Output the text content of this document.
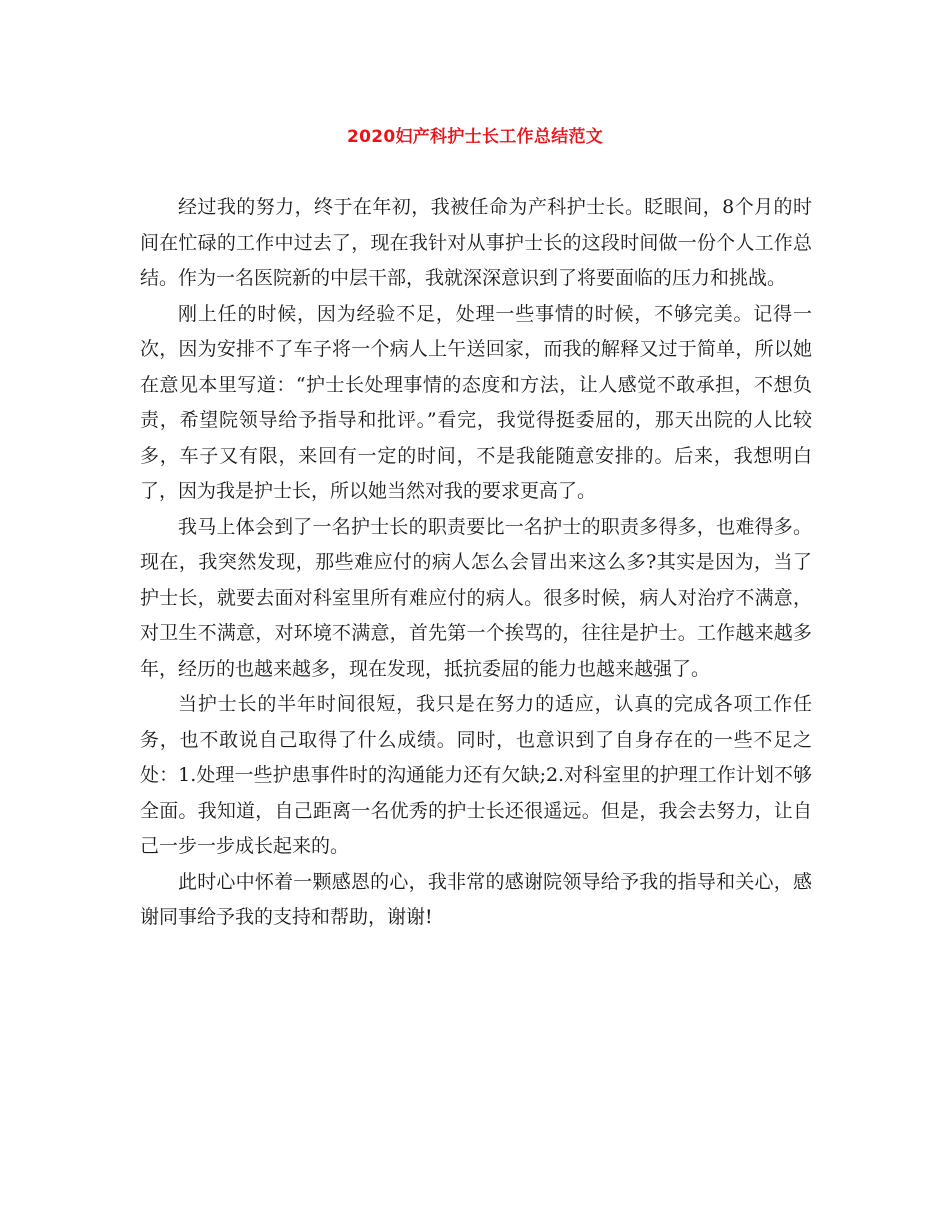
2020妇产科护士长工作总结范文

经过我的努力，终于在年初，我被任命为产科护士长。眨眼间，8个月的时间在忙碌的工作中过去了，现在我针对从事护士长的这段时间做一份个人工作总结。作为一名医院新的中层干部，我就深深意识到了将要面临的压力和挑战。

刚上任的时候，因为经验不足，处理一些事情的时候，不够完美。记得一次，因为安排不了车子将一个病人上午送回家，而我的解释又过于简单，所以她在意见本里写道：“护士长处理事情的态度和方法，让人感觉不敢承担，不想负责，希望院领导给予指导和批评。”看完，我觉得挺委屈的，那天出院的人比较多，车子又有限，来回有一定的时间，不是我能随意安排的。后来，我想明白了，因为我是护士长，所以她当然对我的要求更高了。

我马上体会到了一名护士长的职责要比一名护士的职责多得多，也难得多。现在，我突然发现，那些难应付的病人怎么会冒出来这么多?其实是因为，当了护士长，就要去面对科室里所有难应付的病人。很多时候，病人对治疗不满意，对卫生不满意，对环境不满意，首先第一个挨骂的，往往是护士。工作越来越多年，经历的也越来越多，现在发现，抵抗委屈的能力也越来越强了。

当护士长的半年时间很短，我只是在努力的适应，认真的完成各项工作任务，也不敢说自己取得了什么成绩。同时，也意识到了自身存在的一些不足之处：1.处理一些护患事件时的沟通能力还有欠缺;2.对科室里的护理工作计划不够全面。我知道，自己距离一名优秀的护士长还很遥远。但是，我会去努力，让自己一步一步成长起来的。

此时心中怀着一颗感恩的心，我非常的感谢院领导给予我的指导和关心，感谢同事给予我的支持和帮助，谢谢!
